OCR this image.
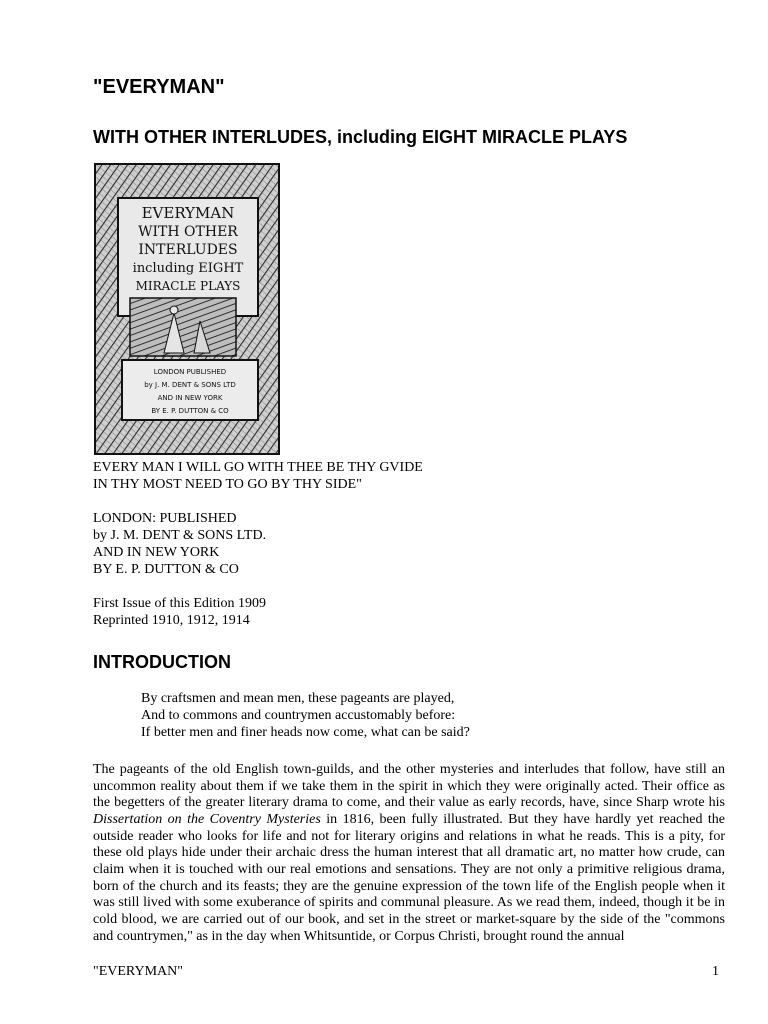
"EVERYMAN"
WITH OTHER INTERLUDES, including EIGHT MIRACLE PLAYS
EVERYMAN
WITH OTHER
INTERLUDES
including EIGHT
MIRACLE PLAYS
LONDON PUBLISHED
by J. M. DENT & SONS LTD
AND IN NEW YORK
BY E. P. DUTTON & CO
EVERY MAN I WILL GO WITH THEE BE THY GVIDE
IN THY MOST NEED TO GO BY THY SIDE"
LONDON: PUBLISHED
by J. M. DENT & SONS LTD.
AND IN NEW YORK
BY E. P. DUTTON & CO
First Issue of this Edition 1909
Reprinted 1910, 1912, 1914
INTRODUCTION
By craftsmen and mean men, these pageants are played,
And to commons and countrymen accustomably before:
If better men and finer heads now come, what can be said?
The pageants of the old English town-guilds, and the other mysteries and interludes that follow, have still an uncommon reality about them if we take them in the spirit in which they were originally acted. Their office as the begetters of the greater literary drama to come, and their value as early records, have, since Sharp wrote his Dissertation on the Coventry Mysteries in 1816, been fully illustrated. But they have hardly yet reached the outside reader who looks for life and not for literary origins and relations in what he reads. This is a pity, for these old plays hide under their archaic dress the human interest that all dramatic art, no matter how crude, can claim when it is touched with our real emotions and sensations. They are not only a primitive religious drama, born of the church and its feasts; they are the genuine expression of the town life of the English people when it was still lived with some exuberance of spirits and communal pleasure. As we read them, indeed, though it be in cold blood, we are carried out of our book, and set in the street or market-square by the side of the "commons and countrymen," as in the day when Whitsuntide, or Corpus Christi, brought round the annual
"EVERYMAN"	1
